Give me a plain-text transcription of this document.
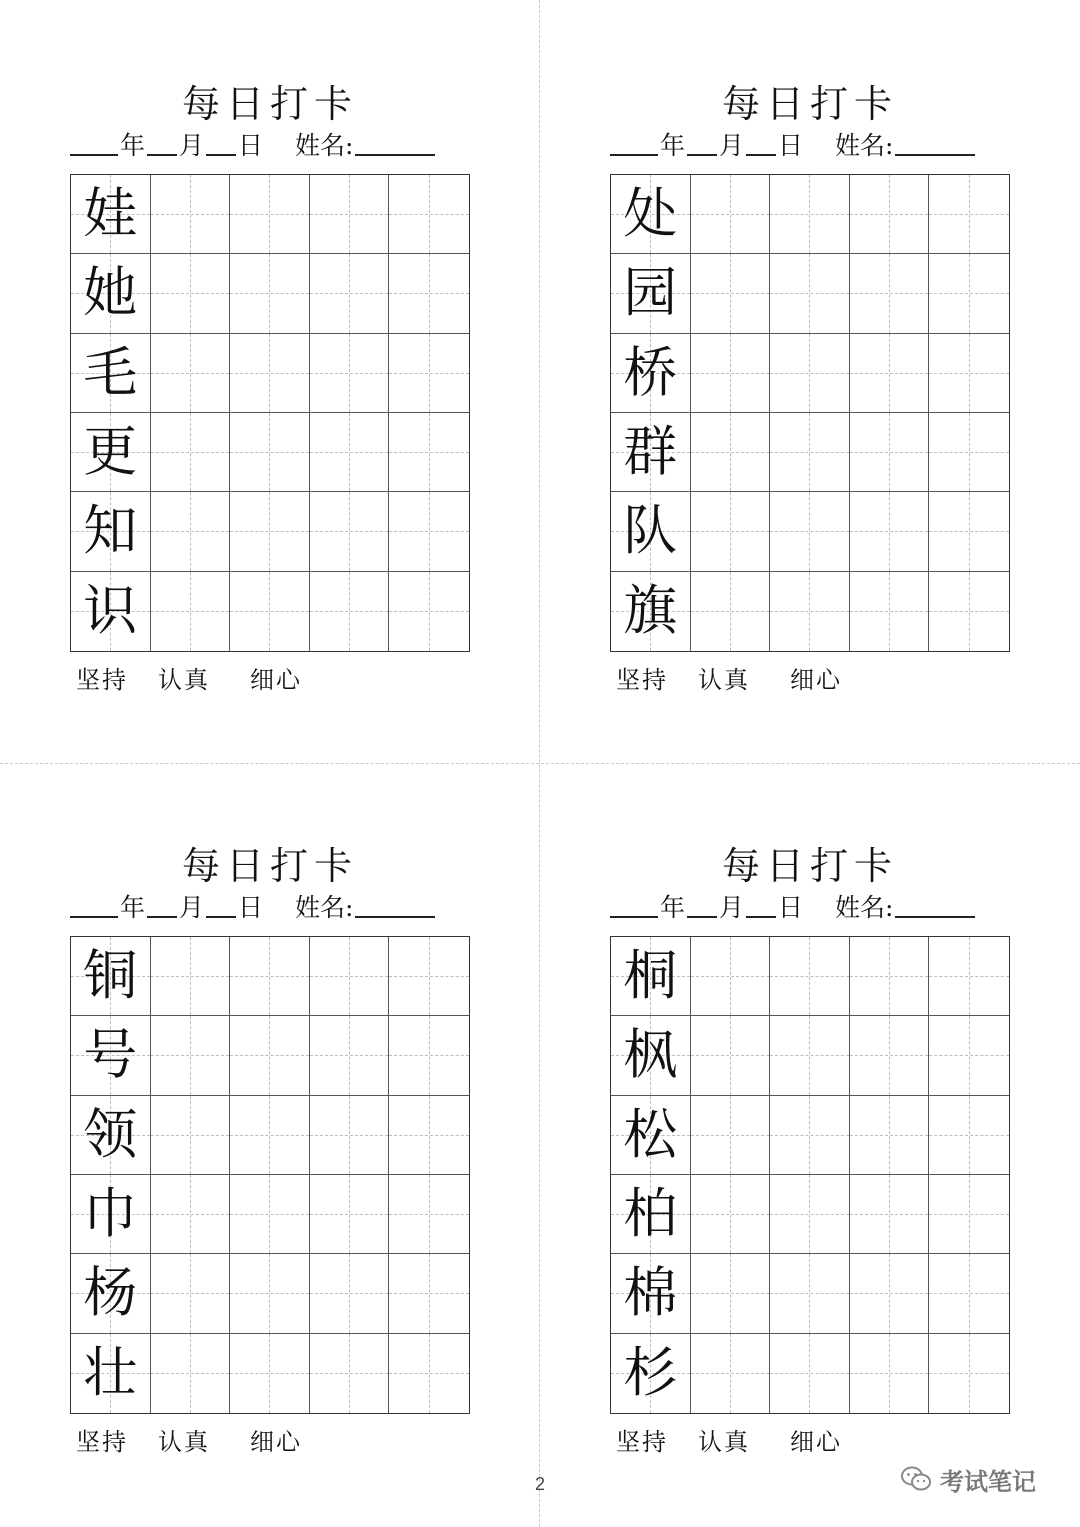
每日打卡
年 月 日 姓名:
娃
她
毛
更
知
识
坚持 认真 细心
每日打卡
年 月 日 姓名:
处
园
桥
群
队
旗
坚持 认真 细心
每日打卡
年 月 日 姓名:
铜
号
领
巾
杨
壮
坚持 认真 细心
每日打卡
年 月 日 姓名:
桐
枫
松
柏
棉
杉
坚持 认真 细心
2	考试笔记
